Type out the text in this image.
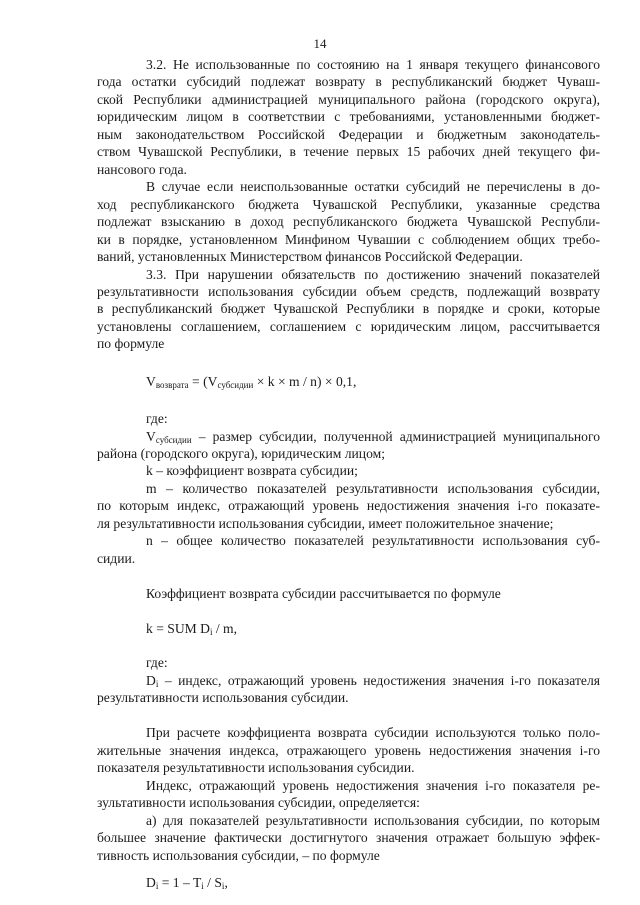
14
3.2. Не использованные по состоянию на 1 января текущего финансового
года остатки субсидий подлежат возврату в республиканский бюджет Чуваш-
ской Республики администрацией муниципального района (городского округа),
юридическим лицом в соответствии с требованиями, установленными бюджет-
ным законодательством Российской Федерации и бюджетным законодатель-
ством Чувашской Республики, в течение первых 15 рабочих дней текущего фи-
нансового года.
В случае если неиспользованные остатки субсидий не перечислены в до-
ход республиканского бюджета Чувашской Республики, указанные средства
подлежат взысканию в доход республиканского бюджета Чувашской Республи-
ки в порядке, установленном Минфином Чувашии с соблюдением общих требо-
ваний, установленных Министерством финансов Российской Федерации.
3.3. При нарушении обязательств по достижению значений показателей
результативности использования субсидии объем средств, подлежащий возврату
в республиканский бюджет Чувашской Республики в порядке и сроки, которые
установлены соглашением, соглашением с юридическим лицом, рассчитывается
по формуле
$V_{возврата} = (V_{субсидии} \times k \times m / n) \times 0,1$,
где:
$V_{субсидии}$ – размер субсидии, полученной администрацией муниципального
района (городского округа), юридическим лицом;
k – коэффициент возврата субсидии;
m – количество показателей результативности использования субсидии,
по которым индекс, отражающий уровень недостижения значения i-го показате-
ля результативности использования субсидии, имеет положительное значение;
n – общее количество показателей результативности использования суб-
сидии.
Коэффициент возврата субсидии рассчитывается по формуле
k = SUM $D_i$ / m,
где:
$D_i$ – индекс, отражающий уровень недостижения значения i-го показателя
результативности использования субсидии.
При расчете коэффициента возврата субсидии используются только поло-
жительные значения индекса, отражающего уровень недостижения значения i-го
показателя результативности использования субсидии.
Индекс, отражающий уровень недостижения значения i-го показателя ре-
зультативности использования субсидии, определяется:
а) для показателей результативности использования субсидии, по которым
большее значение фактически достигнутого значения отражает большую эффек-
тивность использования субсидии, – по формуле
$D_i = 1 - T_i / S_i$,
